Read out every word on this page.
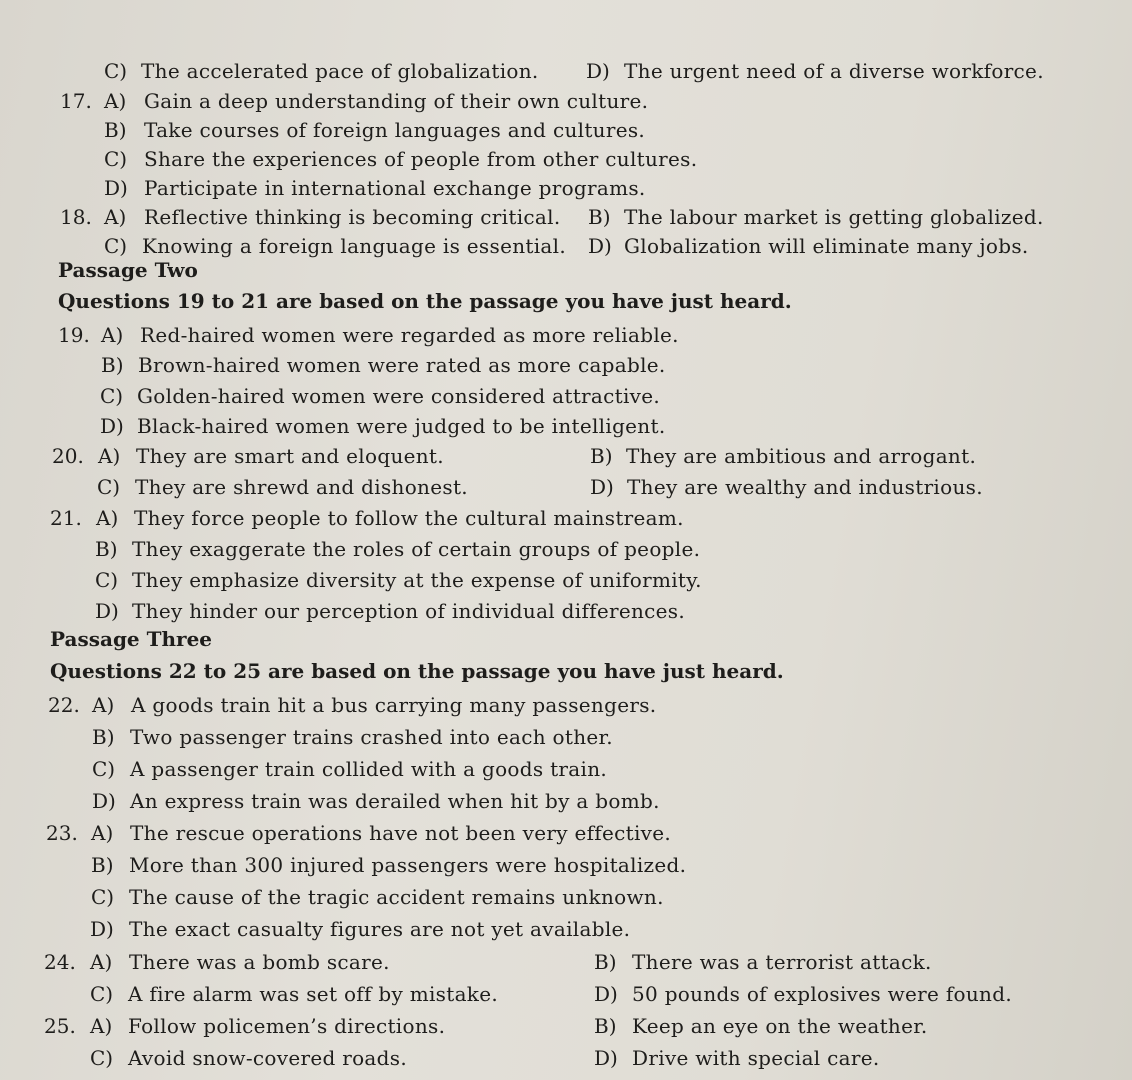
C) The accelerated pace of globalization. D) The urgent need of a diverse workforce.
17. A) Gain a deep understanding of their own culture.
B) Take courses of foreign languages and cultures.
C) Share the experiences of people from other cultures.
D) Participate in international exchange programs.
18. A) Reflective thinking is becoming critical. B) The labour market is getting globalized.
C) Knowing a foreign language is essential. D) Globalization will eliminate many jobs.
Passage Two
Questions 19 to 21 are based on the passage you have just heard.
19. A) Red-haired women were regarded as more reliable.
B) Brown-haired women were rated as more capable.
C) Golden-haired women were considered attractive.
D) Black-haired women were judged to be intelligent.
20. A) They are smart and eloquent.	B) They are ambitious and arrogant.
C) They are shrewd and dishonest.	D) They are wealthy and industrious.
21. A) They force people to follow the cultural mainstream.
B) They exaggerate the roles of certain groups of people.
C) They emphasize diversity at the expense of uniformity.
D) They hinder our perception of individual differences.
Passage Three
Questions 22 to 25 are based on the passage you have just heard.
22. A) A goods train hit a bus carrying many passengers.
B) Two passenger trains crashed into each other.
C) A passenger train collided with a goods train.
D) An express train was derailed when hit by a bomb.
23. A) The rescue operations have not been very effective.
B) More than 300 injured passengers were hospitalized.
C) The cause of the tragic accident remains unknown.
D) The exact casualty figures are not yet available.
24. A) There was a bomb scare.	B) There was a terrorist attack.
C) A fire alarm was set off by mistake.	D) 50 pounds of explosives were found.
25. A) Follow policemen’s directions.	B) Keep an eye on the weather.
C) Avoid snow-covered roads.	D) Drive with special care.
